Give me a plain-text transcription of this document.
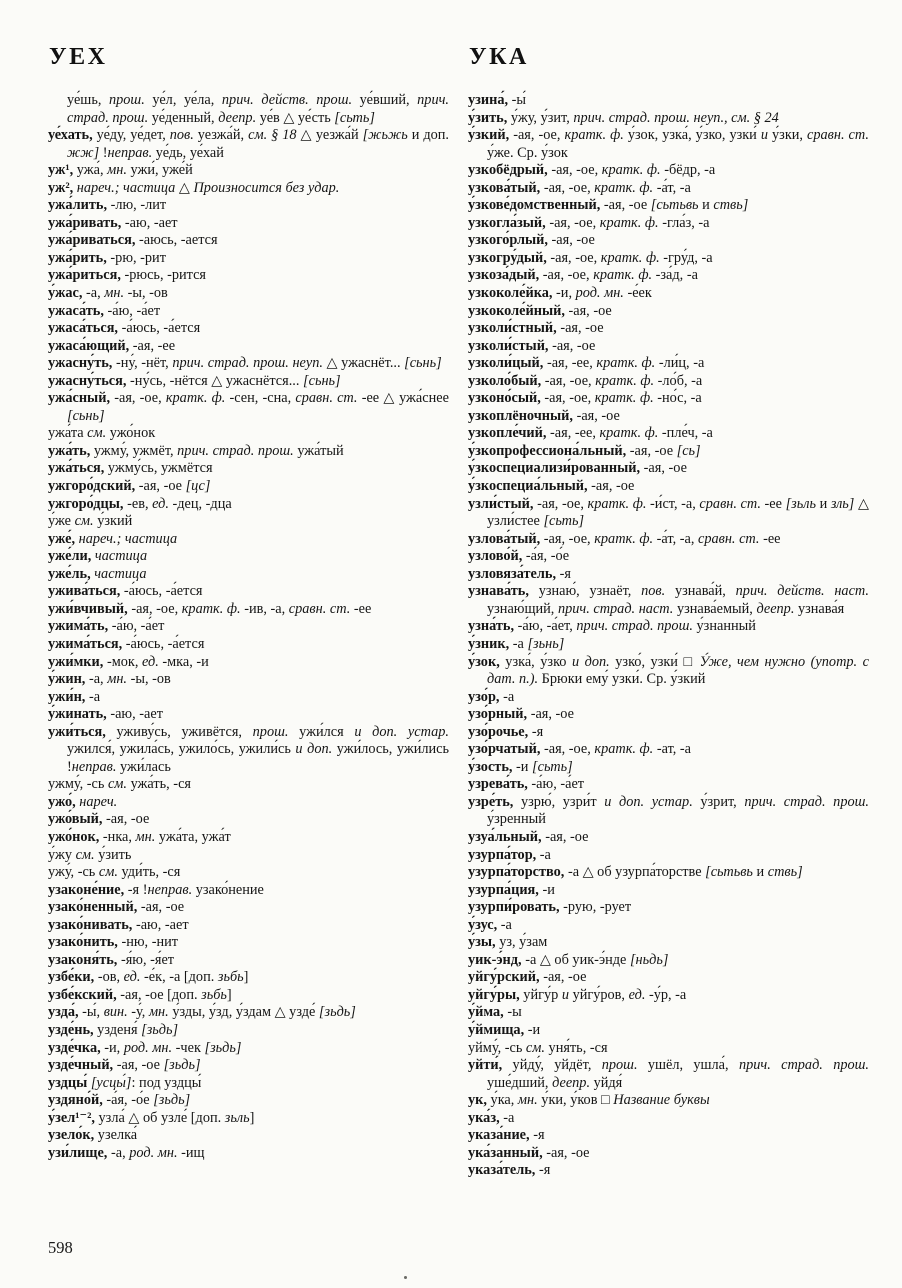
УЕХ	УКА

уе́шь, прош. уе́л, уе́ла, прич. действ. прош. уе́вший, прич. страд. прош. уе́денный, деепр. уе́в △ уе́сть [сьть]

уе́хать, уе́ду, уе́дет, пов. уезжа́й, см. § 18 △ уезжа́й [жьжь и доп. жж] !неправ. уе́дь, уе́хай

уж¹, ужа́, мн. ужи́, уже́й

уж², нареч.; частица △ Произносится без удар.

ужа́лить, -лю, -лит

ужа́ривать, -аю, -ает

ужа́риваться, -аюсь, -ается

ужа́рить, -рю, -рит

ужа́риться, -рюсь, -рится

у́жас, -а, мн. -ы, -ов

ужаса́ть, -а́ю, -а́ет

ужаса́ться, -а́юсь, -а́ется

ужаса́ющий, -ая, -ее

ужасну́ть, -ну́, -нёт, прич. страд. прош. неуп. △ ужаснёт... [сьнь]

ужасну́ться, -ну́сь, -нётся △ ужаснётся... [сьнь]

ужа́сный, -ая, -ое, кратк. ф. -сен, -сна, сравн. ст. -ее △ ужа́снее [сьнь]

ужа́та см. ужо́нок

ужа́ть, ужму́, ужмёт, прич. страд. прош. ужа́тый

ужа́ться, ужму́сь, ужмётся

ужгоро́дский, -ая, -ое [цс]

ужгоро́дцы, -ев, ед. -дец, -дца

у́же см. у́зкий

уже́, нареч.; частица

уже́ли, частица

уже́ль, частица

ужива́ться, -а́юсь, -а́ется

ужи́вчивый, -ая, -ое, кратк. ф. -ив, -а, сравн. ст. -ее

ужима́ть, -а́ю, -а́ет

ужима́ться, -а́юсь, -а́ется

ужи́мки, -мок, ед. -мка, -и

у́жин, -а, мн. -ы, -ов

ужи́н, -а

у́жинать, -аю, -ает

ужи́ться, уживу́сь, уживётся, прош. ужи́лся и доп. устар. ужился́, ужила́сь, ужило́сь, ужили́сь и доп. ужи́лось, ужи́лись !неправ. ужи́лась

ужму́, -сь см. ужа́ть, -ся

ужо́, нареч.

ужо́вый, -ая, -ое

ужо́нок, -нка, мн. ужа́та, ужа́т

у́жу см. у́зить

ужу́, -сь см. уди́ть, -ся

узаконе́ние, -я !неправ. узако́нение

узако́ненный, -ая, -ое

узако́нивать, -аю, -ает

узако́нить, -ню, -нит

узаконя́ть, -я́ю, -я́ет

узбе́ки, -ов, ед. -е́к, -а [доп. зьбь]

узбе́кский, -ая, -ое [доп. зьбь]

узда́, -ы́, вин. -у́, мн. у́зды, у́зд, у́здам △ узде́ [зьдь]

узде́нь, узденя́ [зьдь]

узде́чка, -и, род. мн. -чек [зьдь]

узде́чный, -ая, -ое [зьдь]

уздцы́ [усцы́]: под уздцы́

уздяно́й, -а́я, -о́е [зьдь]

у́зел¹⁻², узла́ △ об узле́ [доп. зьль]

узело́к, узелка́

узи́лище, -а, род. мн. -ищ

узина́, -ы́

у́зить, у́жу, у́зит, прич. страд. прош. неуп., см. § 24

у́зкий, -ая, -ое, кратк. ф. у́зок, узка́, у́зко, узки́ и у́зки, сравн. ст. у́же. Ср. у́зок

узкобёдрый, -ая, -ое, кратк. ф. -бёдр, -а

узкова́тый, -ая, -ое, кратк. ф. -а́т, -а

у́зкове́домственный, -ая, -ое [сьтьвь и ствь]

узкогла́зый, -ая, -ое, кратк. ф. -гла́з, -а

узкого́рлый, -ая, -ое

узкогру́дый, -ая, -ое, кратк. ф. -гру́д, -а

узкоза́дый, -ая, -ое, кратк. ф. -за́д, -а

узкоколе́йка, -и, род. мн. -е́ек

узкоколе́йный, -ая, -ое

узколи́стный, -ая, -ое

узколи́стый, -ая, -ое

узколи́цый, -ая, -ее, кратк. ф. -ли́ц, -а

узколо́бый, -ая, -ое, кратк. ф. -ло́б, -а

узконо́сый, -ая, -ое, кратк. ф. -но́с, -а

узкоплёночный, -ая, -ое

узкопле́чий, -ая, -ее, кратк. ф. -пле́ч, -а

у́зкопрофессиона́льный, -ая, -ое [сь]

у́зкоспециализи́рованный, -ая, -ое

у́зкоспециа́льный, -ая, -ое

узли́стый, -ая, -ое, кратк. ф. -и́ст, -а, сравн. ст. -ее [зьль и зль] △ узли́стее [сьть]

узлова́тый, -ая, -ое, кратк. ф. -а́т, -а, сравн. ст. -ее

узлово́й, -а́я, -о́е

узловяза́тель, -я

узнава́ть, узнаю́, узнаёт, пов. узнава́й, прич. действ. наст. узнаю́щий, прич. страд. наст. узнава́емый, деепр. узнава́я

узна́ть, -а́ю, -а́ет, прич. страд. прош. у́знанный

у́зник, -а [зьнь]

у́зок, узка́, у́зко и доп. узко́, узки́ □ У́же, чем нужно (употр. с дат. п.). Брюки ему́ узки́. Ср. у́зкий

узо́р, -а

узо́рный, -ая, -ое

узо́рочье, -я

узо́рчатый, -ая, -ое, кратк. ф. -ат, -а

у́зость, -и [сьть]

узрева́ть, -а́ю, -а́ет

узре́ть, узрю́, узри́т и доп. устар. у́зрит, прич. страд. прош. у́зренный

узуа́льный, -ая, -ое

узурпа́тор, -а

узурпа́торство, -а △ об узурпа́торстве [сьтьвь и ствь]

узурпа́ция, -и

узурпи́ровать, -рую, -рует

у́зус, -а

у́зы, уз, у́зам

уик-э́нд, -а △ об уик-э́нде [ньдь]

уйгу́рский, -ая, -ое

уйгу́ры, уйгу́р и уйгу́ров, ед. -у́р, -а

у́йма, -ы

у́ймища, -и

уйму́, -сь см. уня́ть, -ся

уйти́, уйду́, уйдёт, прош. ушёл, ушла́, прич. страд. прош. уше́дший, деепр. уйдя́

ук, у́ка, мн. у́ки, у́ков □ Название буквы

ука́з, -а

указа́ние, -я

ука́занный, -ая, -ое

указа́тель, -я

598
